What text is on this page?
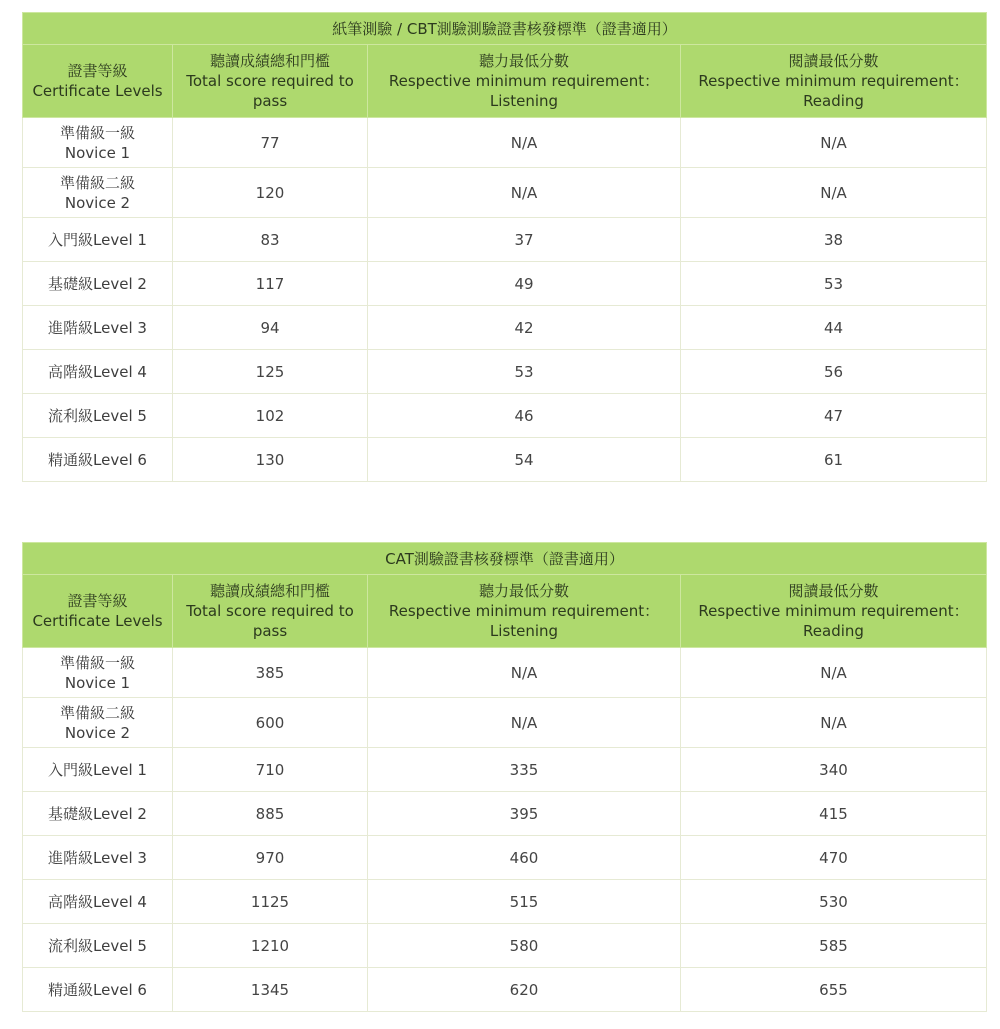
紙筆測驗 / CBT測驗測驗證書核發標準（證書適用）			

證書等級
Certificate Levels	聽讀成績總和門檻
Total score required to
pass	聽力最低分數
Respective minimum requirement：
Listening	閱讀最低分數
Respective minimum requirement：
Reading

準備級一級
Novice 1	77	N/A	N/A

準備級二級
Novice 2	120	N/A	N/A
入門級Level 1	83	37	38
基礎級Level 2	117	49	53
進階級Level 3	94	42	44
高階級Level 4	125	53	56
流利級Level 5	102	46	47
精通級Level 6	130	54	61
CAT測驗證書核發標準（證書適用）			

證書等級
Certificate Levels	聽讀成績總和門檻
Total score required to
pass	聽力最低分數
Respective minimum requirement：
Listening	閱讀最低分數
Respective minimum requirement：
Reading

準備級一級
Novice 1	385	N/A	N/A

準備級二級
Novice 2	600	N/A	N/A
入門級Level 1	710	335	340
基礎級Level 2	885	395	415
進階級Level 3	970	460	470
高階級Level 4	1125	515	530
流利級Level 5	1210	580	585
精通級Level 6	1345	620	655
